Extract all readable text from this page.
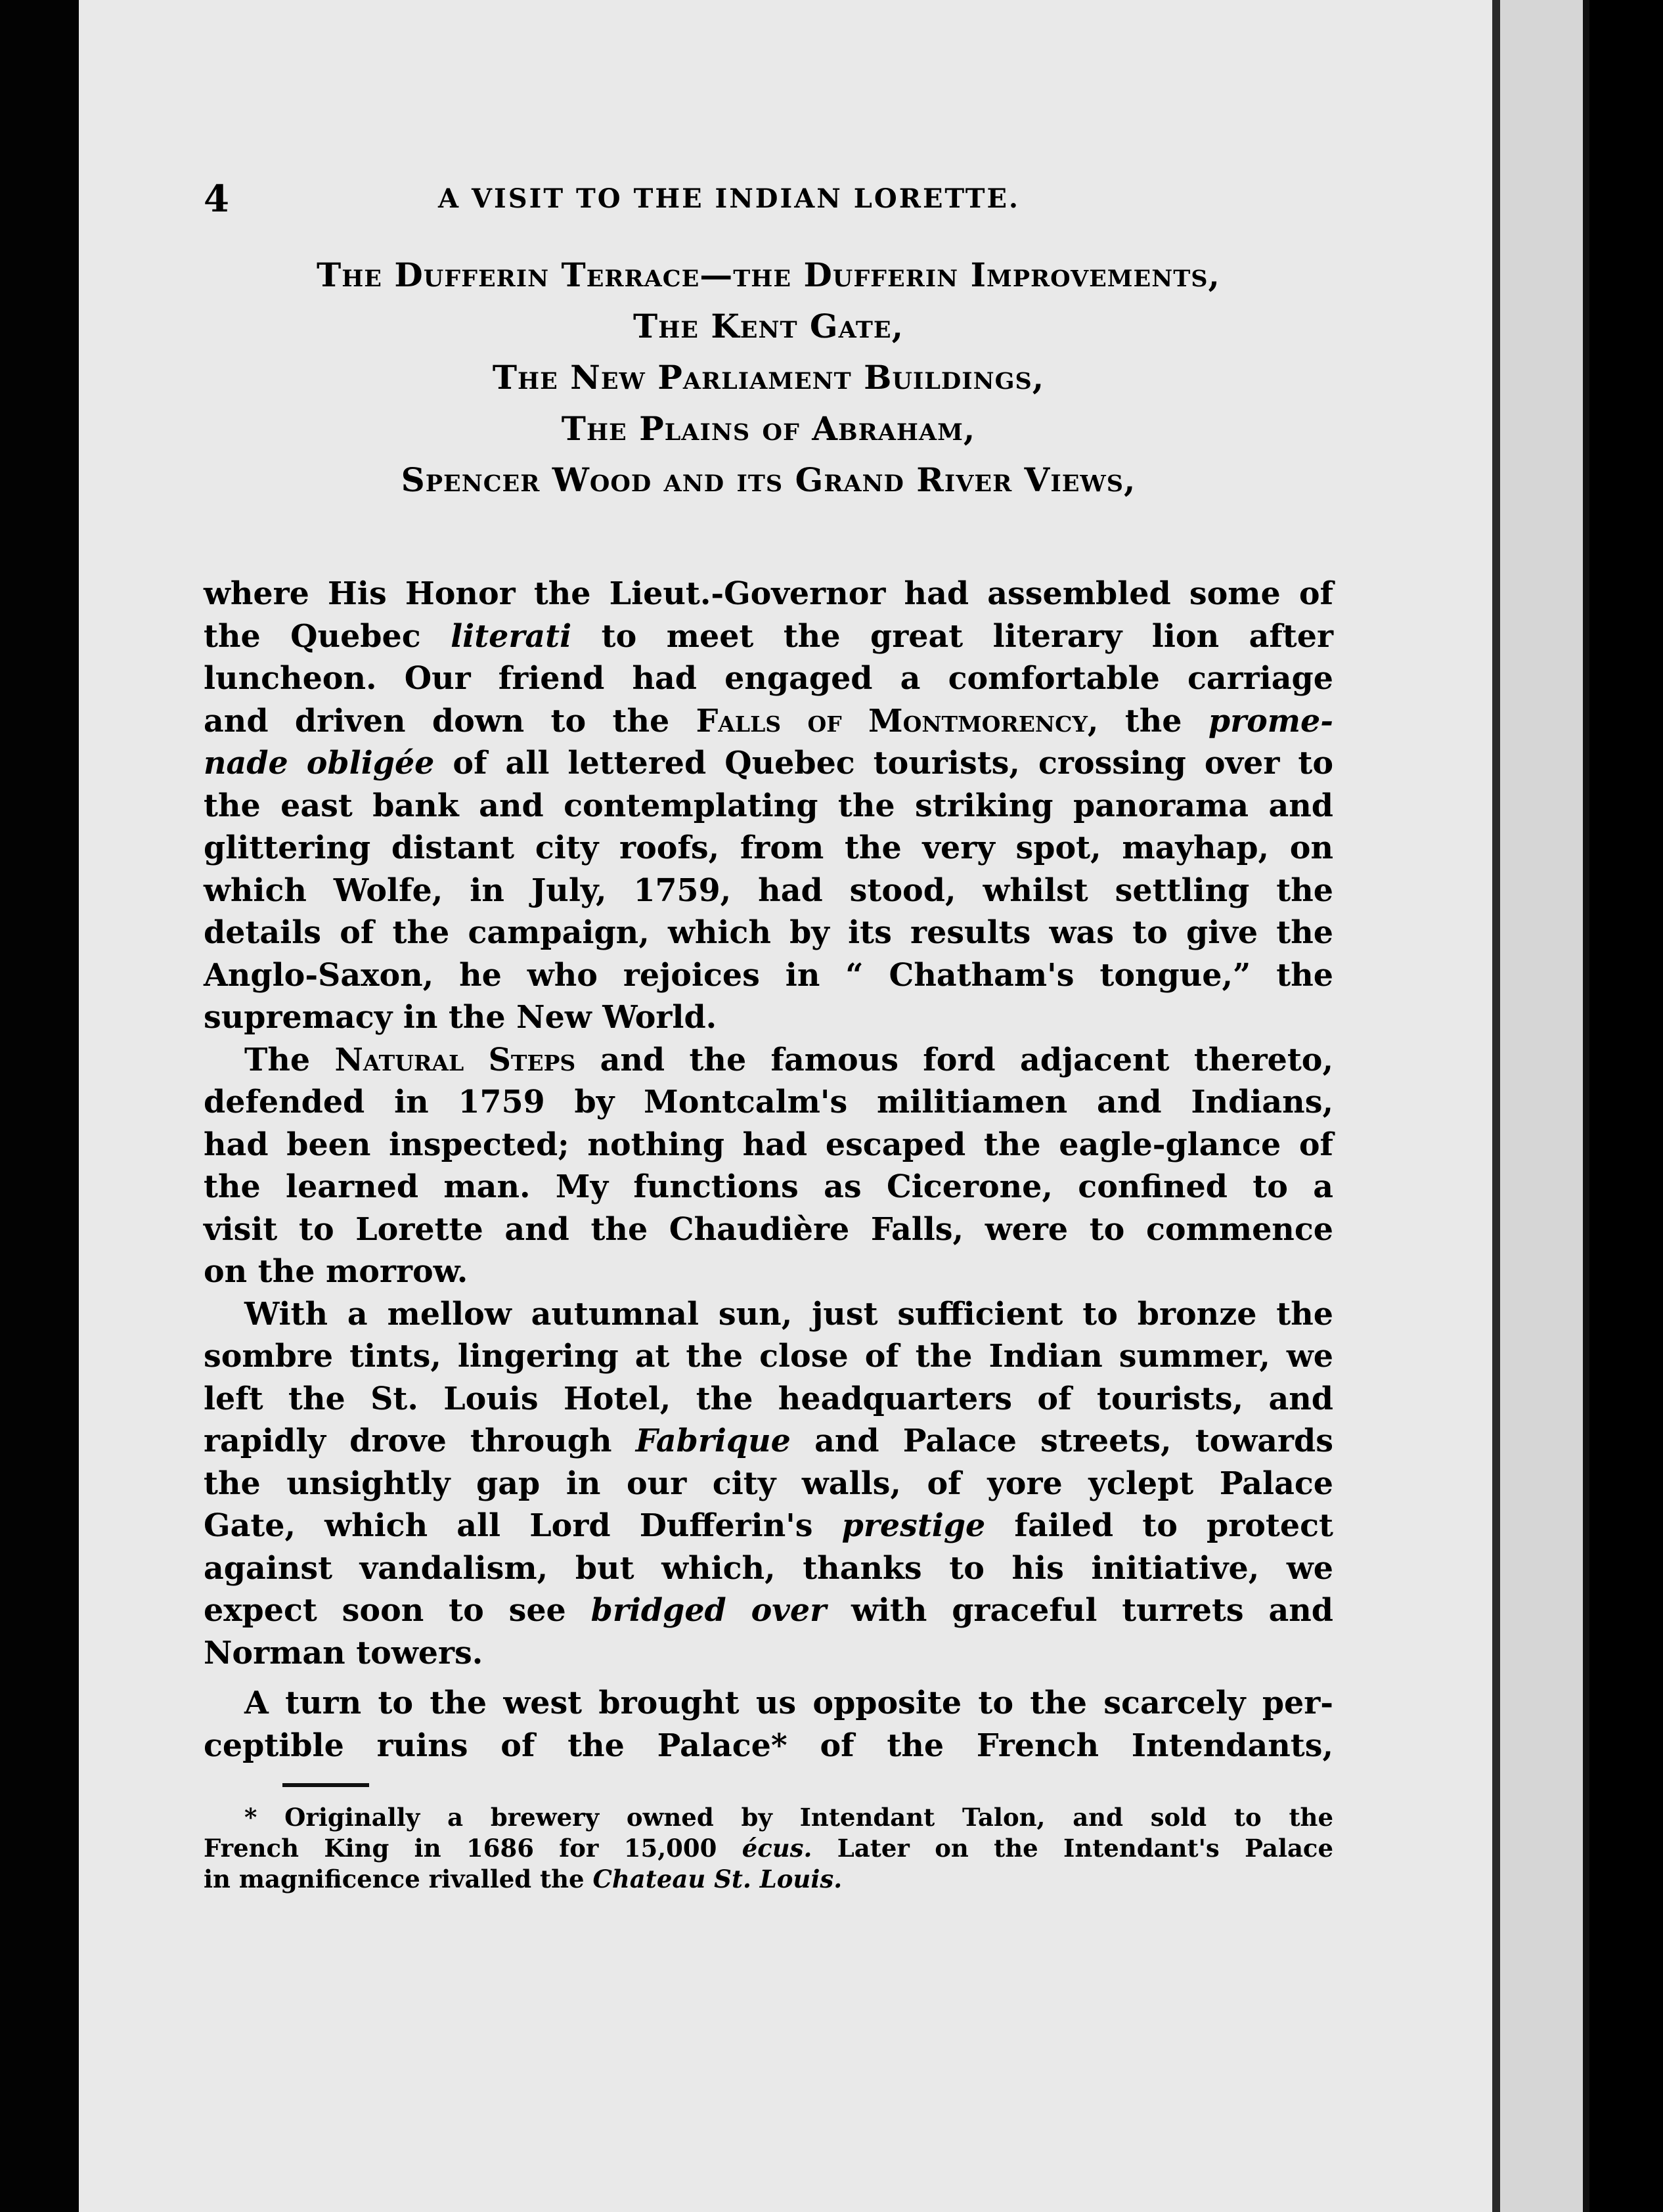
4	A VISIT TO THE INDIAN LORETTE.
The Dufferin Terrace—the Dufferin Improvements,
The Kent Gate,
The New Parliament Buildings,
The Plains of Abraham,
Spencer Wood and its Grand River Views,
where His Honor the Lieut.-Governor had assembled some of
the Quebec literati to meet the great literary lion after
luncheon. Our friend had engaged a comfortable carriage
and driven down to the Falls of Montmorency, the prome-
nade obligée of all lettered Quebec tourists, crossing over to
the east bank and contemplating the striking panorama and
glittering distant city roofs, from the very spot, mayhap, on
which Wolfe, in July, 1759, had stood, whilst settling the
details of the campaign, which by its results was to give the
Anglo-Saxon, he who rejoices in “ Chatham's tongue,” the
supremacy in the New World.
The Natural Steps and the famous ford adjacent thereto,
defended in 1759 by Montcalm's militiamen and Indians,
had been inspected; nothing had escaped the eagle-glance of
the learned man. My functions as Cicerone, confined to a
visit to Lorette and the Chaudière Falls, were to commence
on the morrow.
With a mellow autumnal sun, just sufficient to bronze the
sombre tints, lingering at the close of the Indian summer, we
left the St. Louis Hotel, the headquarters of tourists, and
rapidly drove through Fabrique and Palace streets, towards
the unsightly gap in our city walls, of yore yclept Palace
Gate, which all Lord Dufferin's prestige failed to protect
against vandalism, but which, thanks to his initiative, we
expect soon to see bridged over with graceful turrets and
Norman towers.
A turn to the west brought us opposite to the scarcely per-
ceptible ruins of the Palace* of the French Intendants,
* Originally a brewery owned by Intendant Talon, and sold to the
French King in 1686 for 15,000 écus. Later on the Intendant's Palace
in magnificence rivalled the Chateau St. Louis.
